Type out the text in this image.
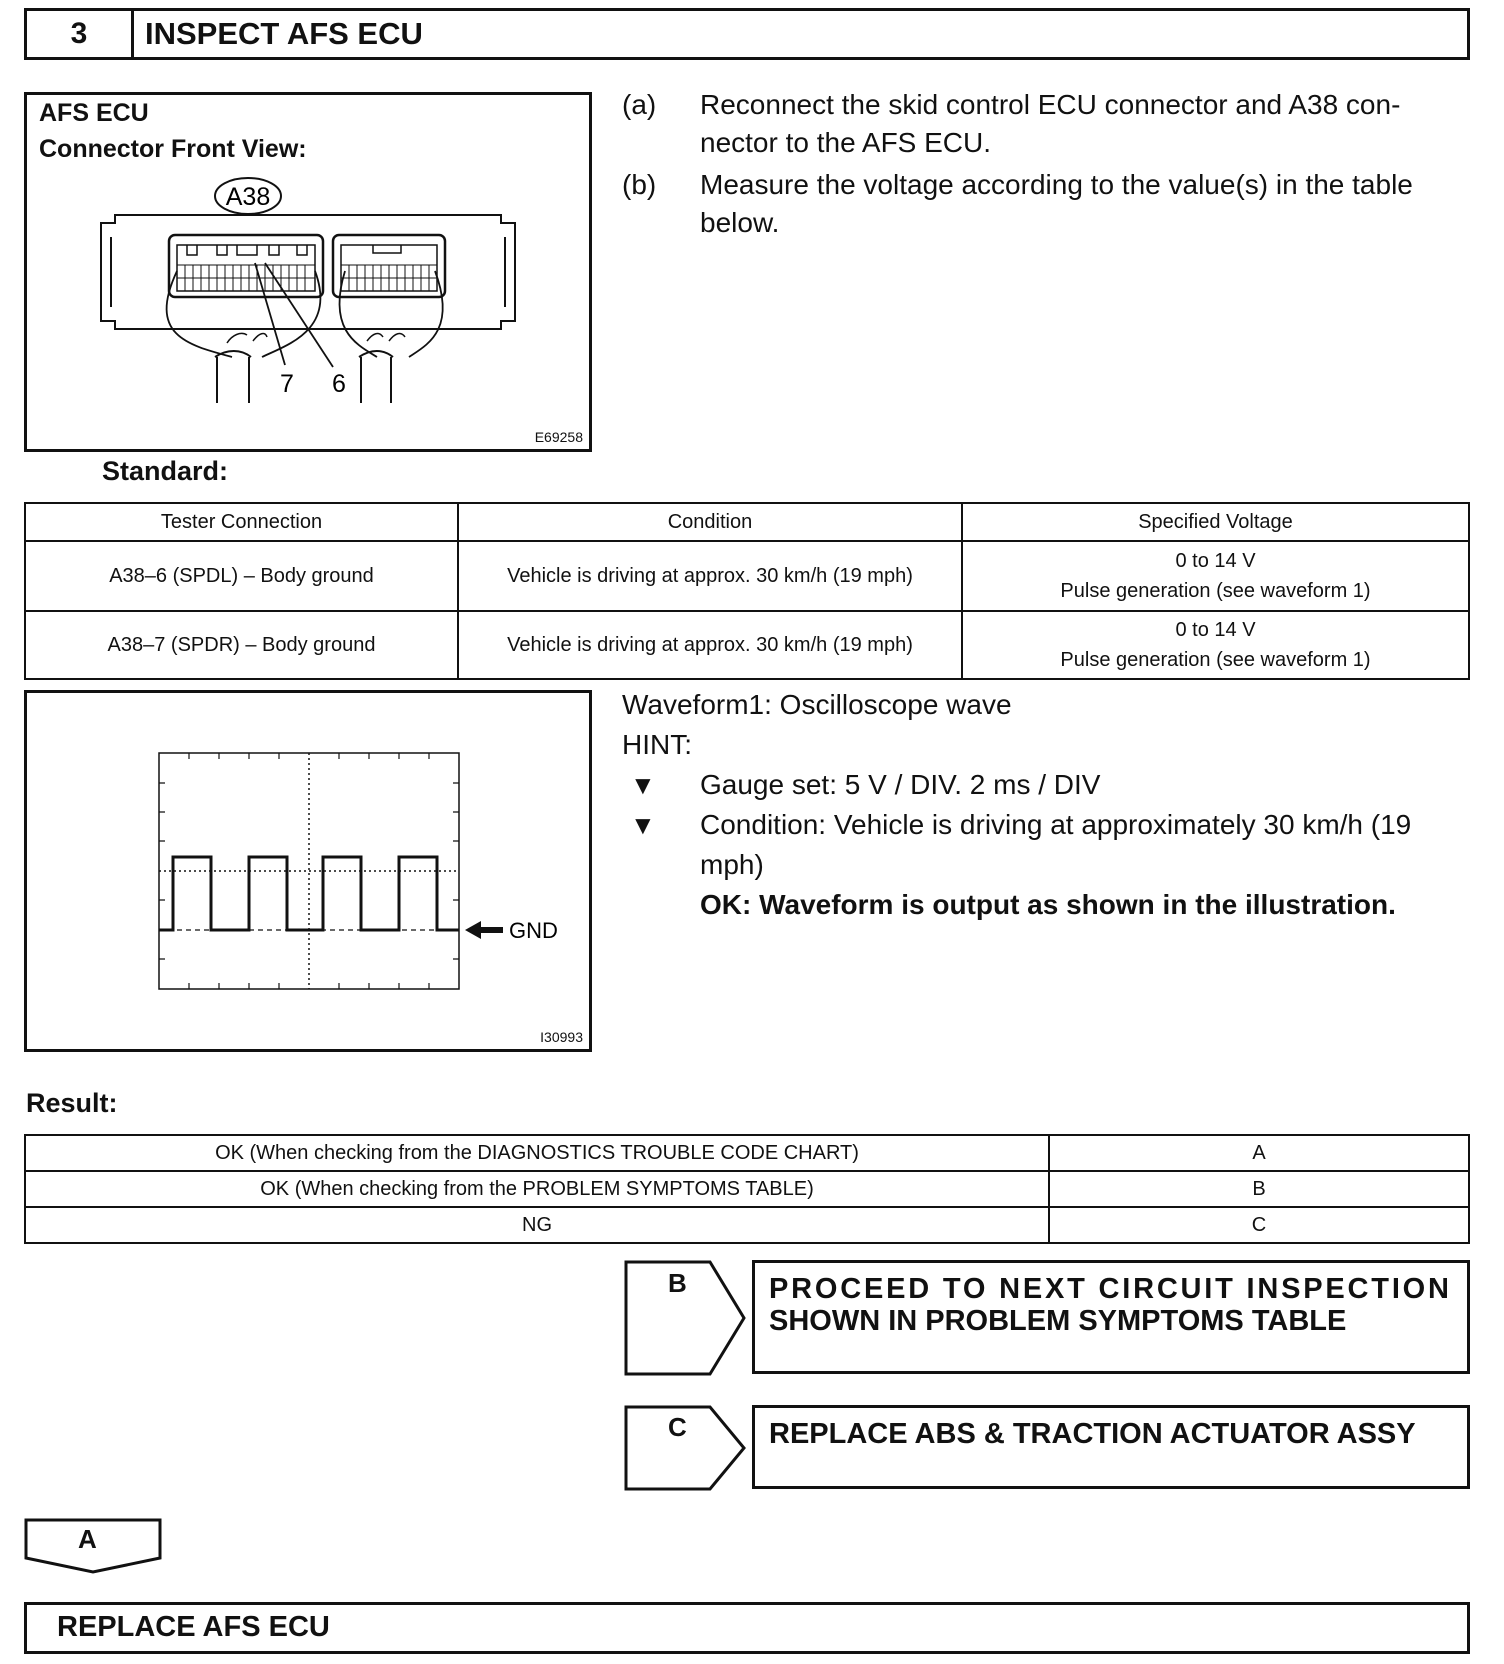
3	INSPECT AFS ECU
AFS ECU
Connector Front View:
A38
7 6
E69258
(a) Reconnect the skid control ECU connector and A38 con-
nector to the AFS ECU.
(b) Measure the voltage according to the value(s) in the table
below.
Standard:
Tester Connection	Condition	Specified Voltage
A38–6 (SPDL) – Body ground	Vehicle is driving at approx. 30 km/h (19 mph)	0 to 14 V
Pulse generation (see waveform 1)

A38–7 (SPDR) – Body ground	Vehicle is driving at approx. 30 km/h (19 mph)	0 to 14 V
Pulse generation (see waveform 1)
GND
I30993
Waveform1: Oscilloscope wave
HINT:
▼ Gauge set: 5 V / DIV. 2 ms / DIV
▼ Condition: Vehicle is driving at approximately 30 km/h (19
mph)
OK: Waveform is output as shown in the illustration.
Result:
OK (When checking from the DIAGNOSTICS TROUBLE CODE CHART)	A
OK (When checking from the PROBLEM SYMPTOMS TABLE)	B
NG	C
B	PROCEED TO NEXT CIRCUIT INSPECTION
SHOWN IN PROBLEM SYMPTOMS TABLE
C	REPLACE ABS & TRACTION ACTUATOR ASSY
A
REPLACE AFS ECU
